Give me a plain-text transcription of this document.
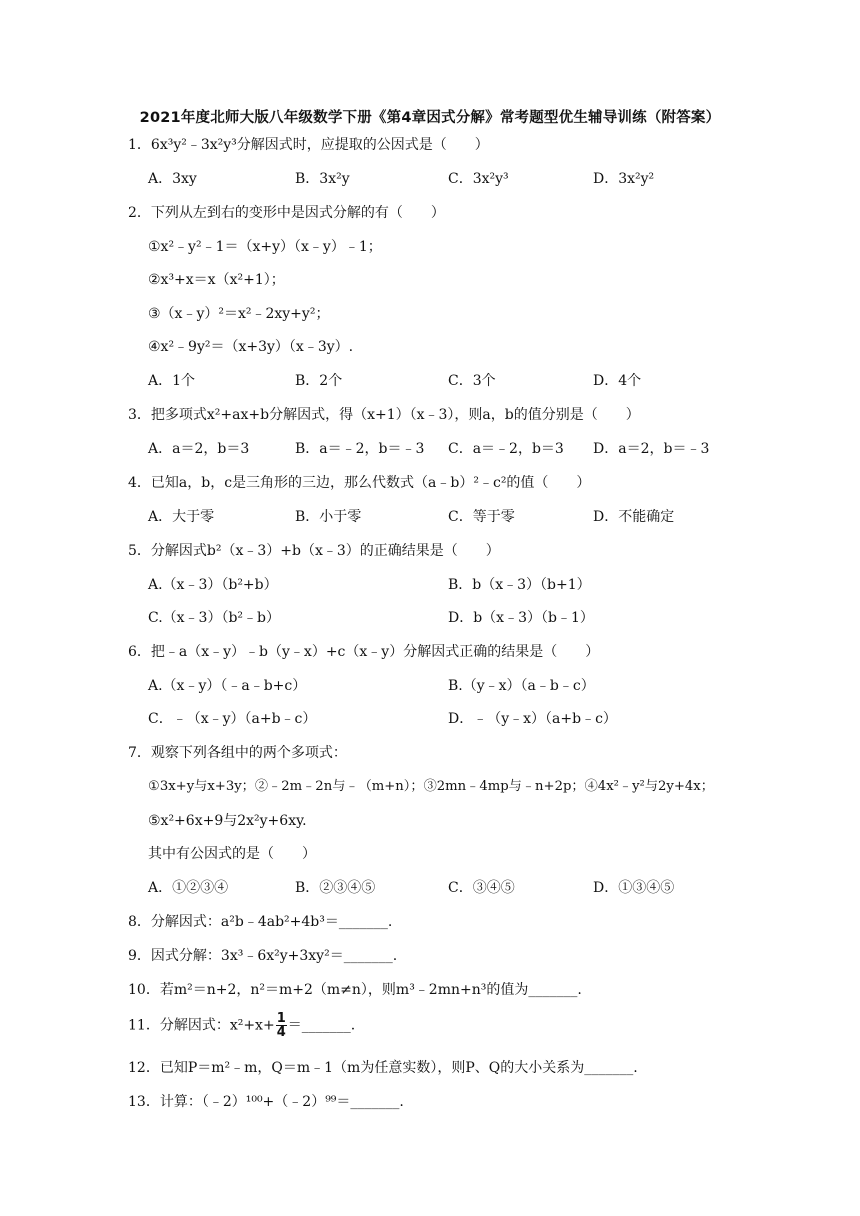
2021年度北师大版八年级数学下册《第4章因式分解》常考题型优生辅导训练（附答案）
1．6x³y²﹣3x²y³分解因式时，应提取的公因式是（　　）
A．3xy	B．3x²y	C．3x²y³	D．3x²y²
2．下列从左到右的变形中是因式分解的有（　　）
①x²﹣y²﹣1＝（x+y）（x﹣y）﹣1；
②x³+x＝x（x²+1）；
③（x﹣y）²＝x²﹣2xy+y²；
④x²﹣9y²＝（x+3y）（x﹣3y）.
A．1个	B．2个	C．3个	D．4个
3．把多项式x²+ax+b分解因式，得（x+1）（x﹣3），则a，b的值分别是（　　）
A．a＝2，b＝3	B．a＝﹣2，b＝﹣3 C．a＝﹣2，b＝3 D．a＝2，b＝﹣3
4．已知a，b，c是三角形的三边，那么代数式（a﹣b）²﹣c²的值（　　）
A．大于零	B．小于零	C．等于零	D．不能确定
5．分解因式b²（x﹣3）+b（x﹣3）的正确结果是（　　）
A.（x﹣3）（b²+b）	B．b（x﹣3）（b+1）
C.（x﹣3）（b²﹣b）	D．b（x﹣3）（b﹣1）
6．把﹣a（x﹣y）﹣b（y﹣x）+c（x﹣y）分解因式正确的结果是（　　）
A.（x﹣y）（﹣a﹣b+c）	B.（y﹣x）（a﹣b﹣c）
C．﹣（x﹣y）（a+b﹣c）	D．﹣（y﹣x）（a+b﹣c）
7．观察下列各组中的两个多项式：
①3x+y与x+3y；②﹣2m﹣2n与﹣（m+n）；③2mn﹣4mp与﹣n+2p；④4x²﹣y²与2y+4x；
⑤x²+6x+9与2x²y+6xy.
其中有公因式的是（　　）
A．①②③④	B．②③④⑤	C．③④⑤	D．①③④⑤
8．分解因式：a²b﹣4ab²+4b³＝_______.
9．因式分解：3x³﹣6x²y+3xy²＝_______.
10．若m²＝n+2，n²＝m+2（m≠n），则m³﹣2mn+n³的值为_______.
11．分解因式：$x^2+x+ \frac{1}{4}$ ＝_______.
12．已知P＝m²﹣m，Q＝m﹣1（m为任意实数），则P、Q的大小关系为_______.
13．计算：（﹣2）¹⁰⁰+（﹣2）⁹⁹＝_______.
